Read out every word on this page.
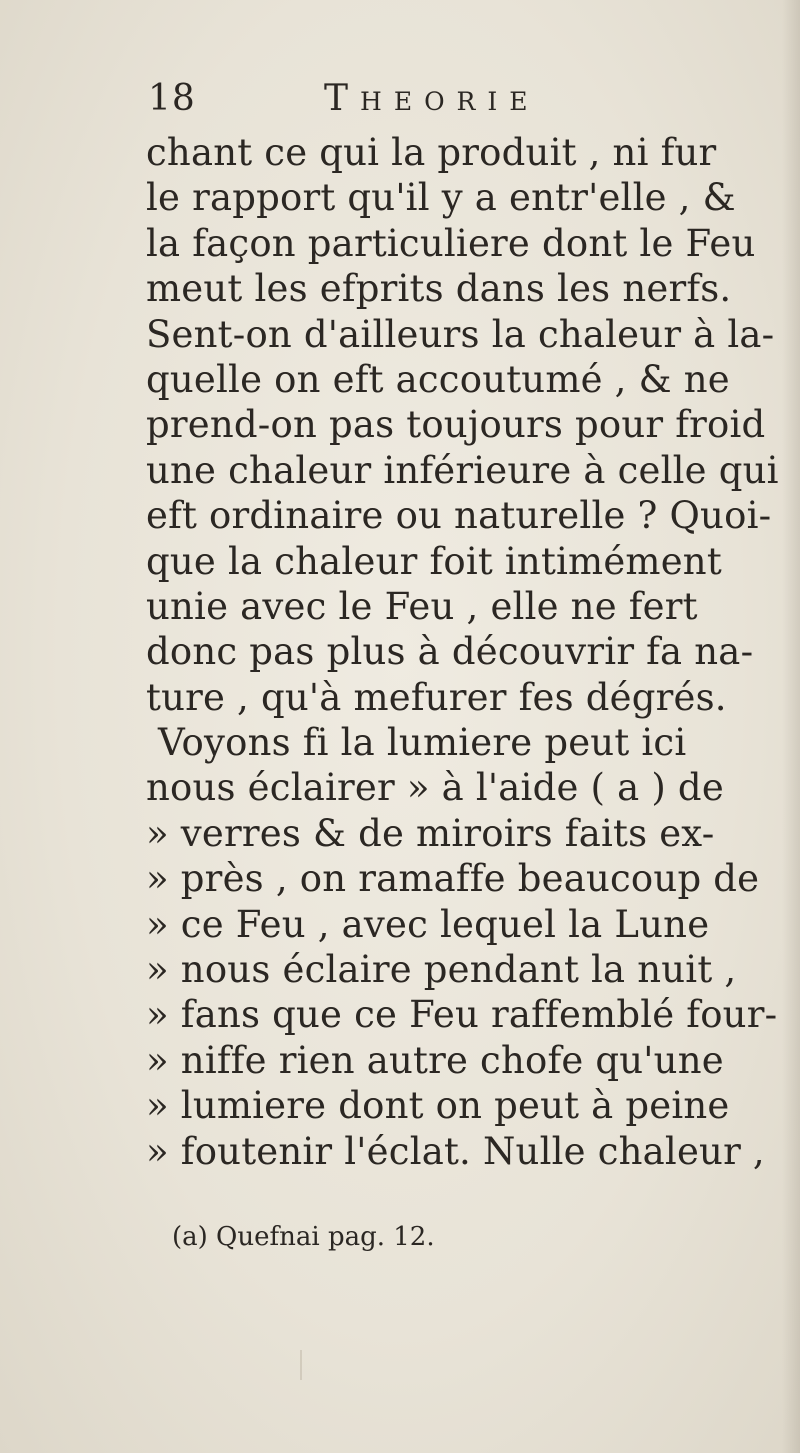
18	Theorie
chant ce qui la produit , ni fur
le rapport qu'il y a entr'elle , &
la façon particuliere dont le Feu
meut les efprits dans les nerfs.
Sent-on d'ailleurs la chaleur à la-
quelle on eft accoutumé , & ne
prend-on pas toujours pour froid
une chaleur inférieure à celle qui
eft ordinaire ou naturelle ? Quoi-
que la chaleur foit intimément
unie avec le Feu , elle ne fert
donc pas plus à découvrir fa na-
ture , qu'à mefurer fes dégrés.
Voyons fi la lumiere peut ici
nous éclairer » à l'aide ( a ) de
» verres & de miroirs faits ex-
» près , on ramaffe beaucoup de
» ce Feu , avec lequel la Lune
» nous éclaire pendant la nuit ,
» fans que ce Feu raffemblé four-
» niffe rien autre chofe qu'une
» lumiere dont on peut à peine
» foutenir l'éclat. Nulle chaleur ,
(a) Quefnai pag. 12.
